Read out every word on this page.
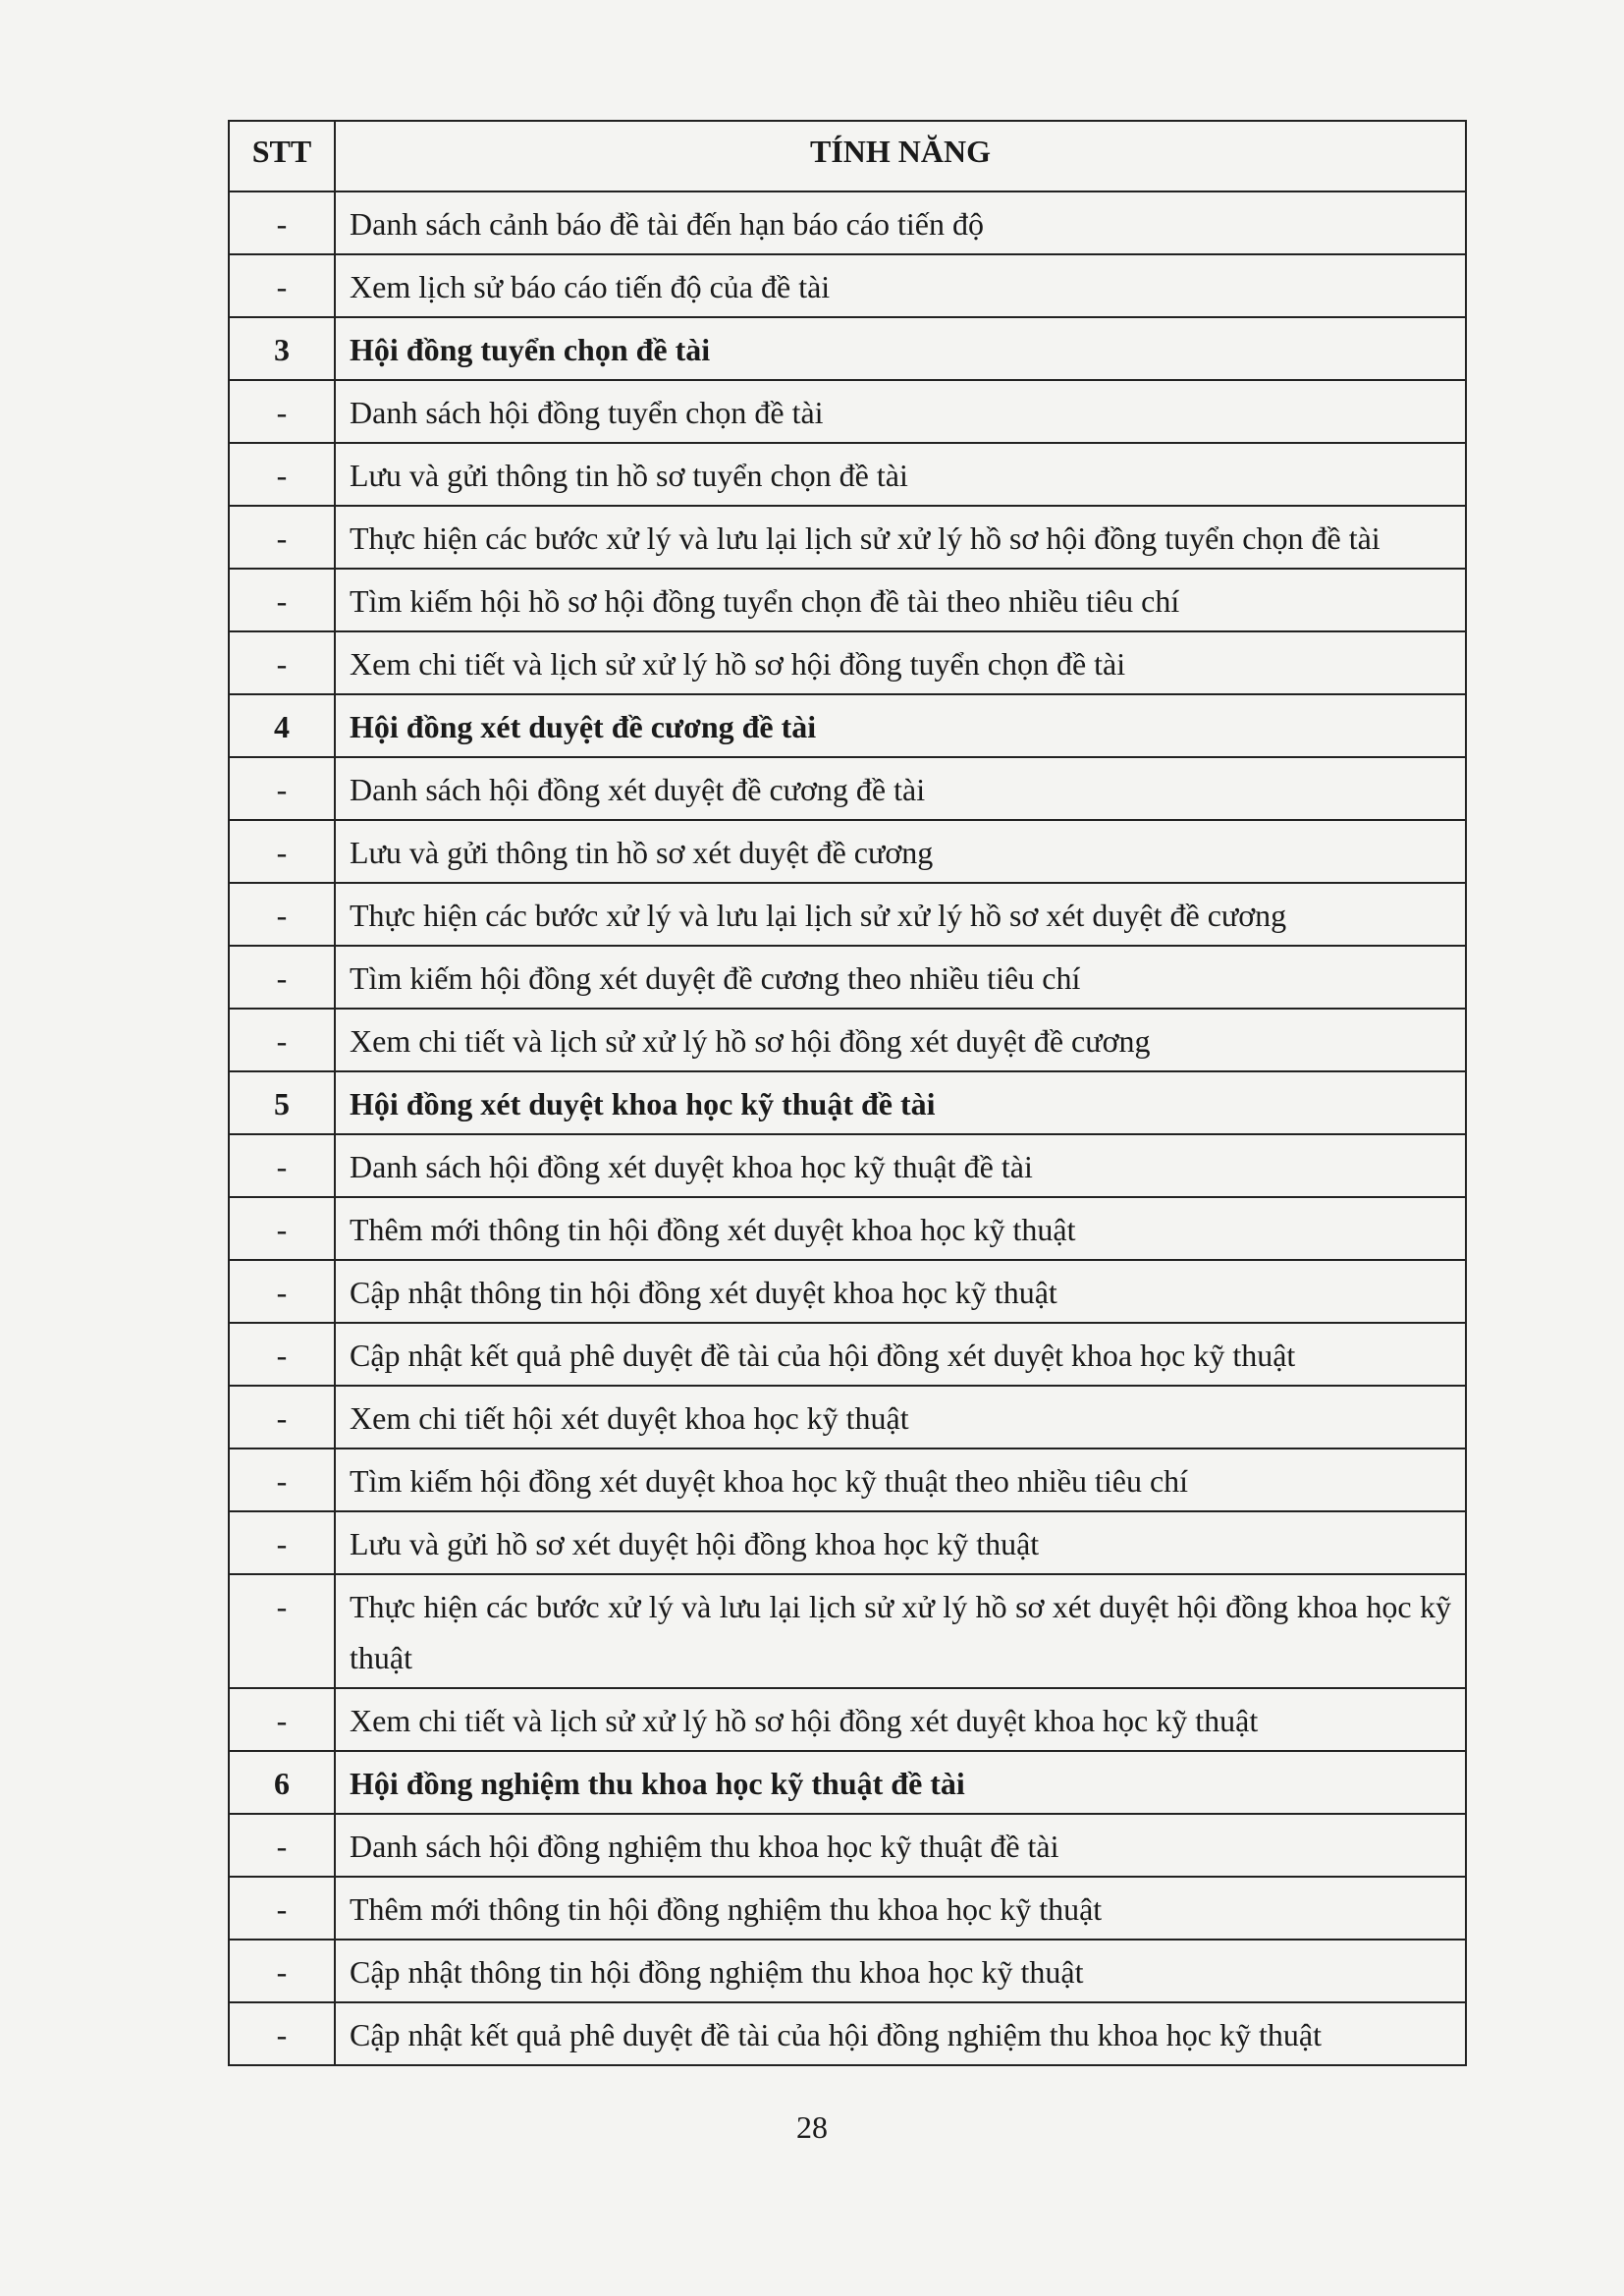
STT	TÍNH NĂNG
-	Danh sách cảnh báo đề tài đến hạn báo cáo tiến độ
-	Xem lịch sử báo cáo tiến độ của đề tài
3	Hội đồng tuyển chọn đề tài
-	Danh sách hội đồng tuyển chọn đề tài
-	Lưu và gửi thông tin hồ sơ tuyển chọn đề tài
-	Thực hiện các bước xử lý và lưu lại lịch sử xử lý hồ sơ hội đồng tuyển chọn đề tài
-	Tìm kiếm hội hồ sơ hội đồng tuyển chọn đề tài theo nhiều tiêu chí
-	Xem chi tiết và lịch sử xử lý hồ sơ hội đồng tuyển chọn đề tài
4	Hội đồng xét duyệt đề cương đề tài
-	Danh sách hội đồng xét duyệt đề cương đề tài
-	Lưu và gửi thông tin hồ sơ xét duyệt đề cương
-	Thực hiện các bước xử lý và lưu lại lịch sử xử lý hồ sơ xét duyệt đề cương
-	Tìm kiếm hội đồng xét duyệt đề cương theo nhiều tiêu chí
-	Xem chi tiết và lịch sử xử lý hồ sơ hội đồng xét duyệt đề cương
5	Hội đồng xét duyệt khoa học kỹ thuật đề tài
-	Danh sách hội đồng xét duyệt khoa học kỹ thuật đề tài
-	Thêm mới thông tin hội đồng xét duyệt khoa học kỹ thuật
-	Cập nhật thông tin hội đồng xét duyệt khoa học kỹ thuật
-	Cập nhật kết quả phê duyệt đề tài của hội đồng xét duyệt khoa học kỹ thuật
-	Xem chi tiết hội xét duyệt khoa học kỹ thuật
-	Tìm kiếm hội đồng xét duyệt khoa học kỹ thuật theo nhiều tiêu chí
-	Lưu và gửi hồ sơ xét duyệt hội đồng khoa học kỹ thuật
-	Thực hiện các bước xử lý và lưu lại lịch sử xử lý hồ sơ xét duyệt hội đồng khoa học kỹ thuật
-	Xem chi tiết và lịch sử xử lý hồ sơ hội đồng xét duyệt khoa học kỹ thuật
6	Hội đồng nghiệm thu khoa học kỹ thuật đề tài
-	Danh sách hội đồng nghiệm thu khoa học kỹ thuật đề tài
-	Thêm mới thông tin hội đồng nghiệm thu khoa học kỹ thuật
-	Cập nhật thông tin hội đồng nghiệm thu khoa học kỹ thuật
-	Cập nhật kết quả phê duyệt đề tài của hội đồng nghiệm thu khoa học kỹ thuật
28
